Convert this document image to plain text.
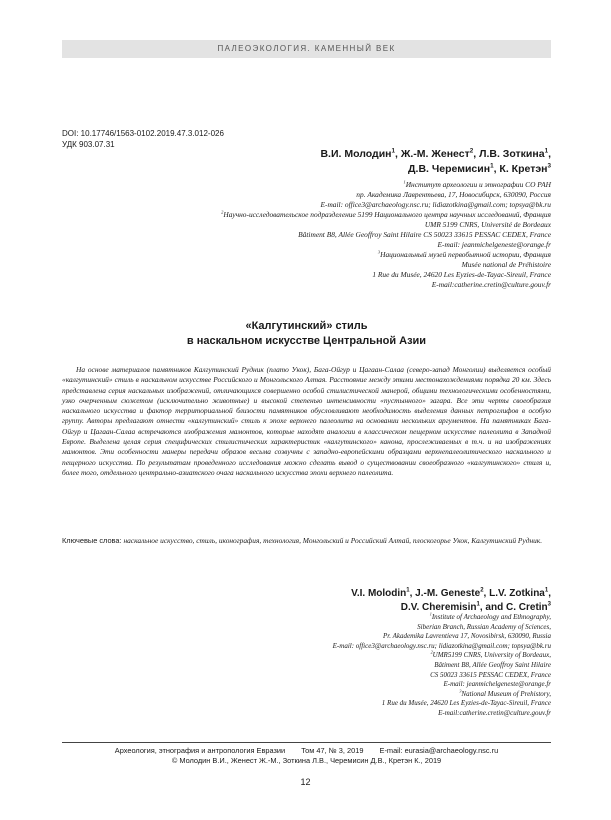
ПАЛЕОЭКОЛОГИЯ. КАМЕННЫЙ ВЕК
DOI: 10.17746/1563-0102.2019.47.3.012-026
УДК 903.07.31
В.И. Молодин$^1$, Ж.-М. Женест$^2$, Л.В. Зоткина$^1$,
Д.В. Черемисин$^1$, К. Кретэн$^3$
$^1$Институт археологии и этнографии СО РАН
пр. Академика Лаврентьева, 17, Новосибирск, 630090, Россия
E-mail: office3@archaeology.nsc.ru; lidiazotkina@gmail.com; topsya@bk.ru
$^2$Научно-исследовательское подразделение 5199 Национального центра научных исследований, Франция
UMR 5199 CNRS, Université de Bordeaux
Bâtiment B8, Allée Geoffroy Saint Hilaire CS 50023 33615 PESSAC CEDEX, France
E-mail: jeanmichelgeneste@orange.fr
$^3$Национальный музей первобытной истории, Франция
Musée national de Préhistoire
1 Rue du Musée, 24620 Les Eyzies-de-Tayac-Sireuil, France
E-mail:catherine.cretin@culture.gouv.fr
«Калгутинский» стиль
в наскальном искусстве Центральной Азии
На основе материалов памятников Калгутинский Рудник (плато Укок), Бага-Ойгур и Цагаан-Салаа (северо-запад Монголии) выделяется особый «калгутинский» стиль в наскальном искусстве Российского и Монгольского Алтая. Расстояние между этими местонахождениями порядка 20 км. Здесь представлена серия наскальных изображений, отличающихся совершенно особой стилистической манерой, общими технологическими особенностями, узко очерченным сюжетом (исключительно животные) и высокой степенью интенсивности «пустынного» загара. Все эти черты своеобразия наскального искусства и фактор территориальной близости памятников обусловливают необходимость выделения данных петроглифов в особую группу. Авторы предлагают отнести «калгутинский» стиль к эпохе верхнего палеолита на основании нескольких аргументов. На памятниках Бага-Ойгур и Цагаан-Салаа встречаются изображения мамонтов, которые находят аналогии в классическом пещерном искусстве палеолита в Западной Европе. Выделена целая серия специфических стилистических характеристик «калгутинского» канона, прослеживаемых в т.ч. и на изображениях мамонтов. Эти особенности манеры передачи образов весьма созвучны с западно-европейскими образцами верхнепалеолитического наскального и пещерного искусства. По результатам проведенного исследования можно сделать вывод о существовании своеобразного «калгутинского» стиля и, более того, отдельного центрально-азиатского очага наскального искусства эпохи верхнего палеолита.
Ключевые слова: наскальное искусство, стиль, иконография, технология, Монгольский и Российский Алтай, плоскогорье Укок, Калгутинский Рудник.
V.I. Molodin$^1$, J.-M. Geneste$^2$, L.V. Zotkina$^1$,
D.V. Cheremisin$^1$, and C. Cretin$^3$
$^1$Institute of Archaeology and Ethnography,
Siberian Branch, Russian Academy of Sciences,
Pr. Akademika Lavrentieva 17, Novosibirsk, 630090, Russia
E-mail: office3@archaeology.nsc.ru; lidiazotkina@gmail.com; topsya@bk.ru
$^2$UMR5199 CNRS, University of Bordeaux,
Bâtiment B8, Allée Geoffroy Saint Hilaire
CS 50023 33615 PESSAC CEDEX, France
E-mail: jeanmichelgeneste@orange.fr
$^3$National Museum of Prehistory,
1 Rue du Musée, 24620 Les Eyzies-de-Tayac-Sireuil, France
E-mail:catherine.cretin@culture.gouv.fr
Археология, этнография и антропология Евразии Том 47, № 3, 2019 E-mail: eurasia@archaeology.nsc.ru
© Молодин В.И., Женест Ж.-М., Зоткина Л.В., Черемисин Д.В., Кретэн К., 2019
12
